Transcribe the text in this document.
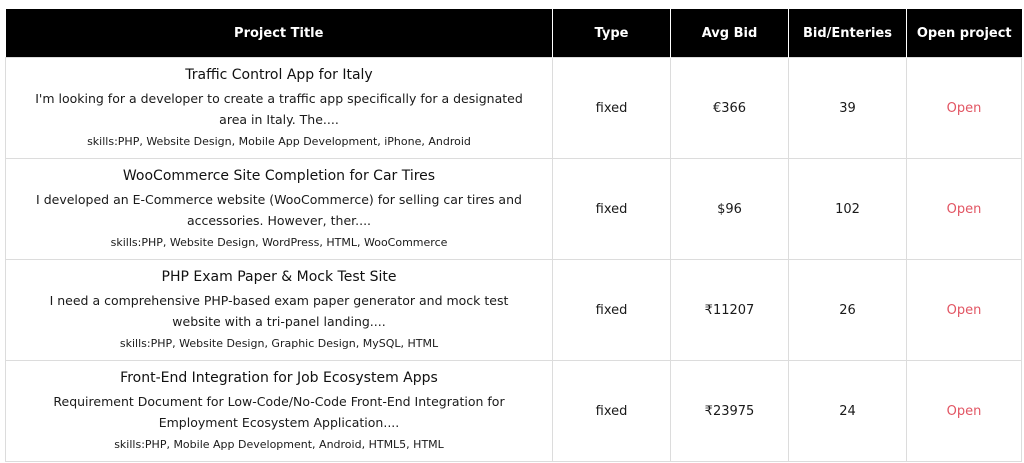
Project Title	Type	Avg Bid	Bid/Enteries	Open project

Traffic Control App for Italy
I'm looking for a developer to create a traffic app specifically for a designated area in Italy. The....
skills:PHP, Website Design, Mobile App Development, iPhone, Android	fixed	€366	39	Open

WooCommerce Site Completion for Car Tires
I developed an E-Commerce website (WooCommerce) for selling car tires and accessories. However, ther....
skills:PHP, Website Design, WordPress, HTML, WooCommerce	fixed	$96	102	Open

PHP Exam Paper & Mock Test Site
I need a comprehensive PHP-based exam paper generator and mock test website with a tri-panel landing....
skills:PHP, Website Design, Graphic Design, MySQL, HTML	fixed	₹11207	26	Open

Front-End Integration for Job Ecosystem Apps
Requirement Document for Low-Code/No-Code Front-End Integration for Employment Ecosystem Application....
skills:PHP, Mobile App Development, Android, HTML5, HTML	fixed	₹23975	24	Open
